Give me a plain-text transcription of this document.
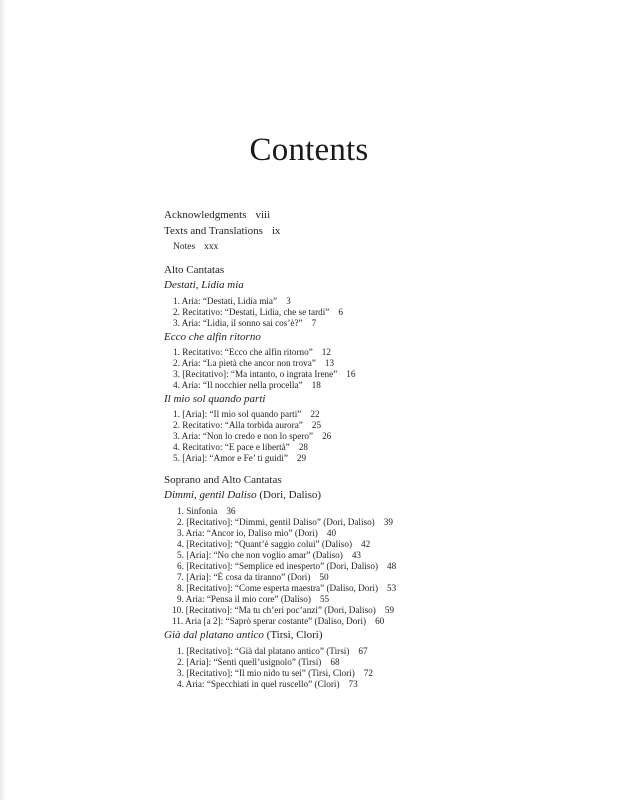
Contents
Acknowledgments viii
Texts and Translations ix
Notes xxx
Alto Cantatas
Destati, Lidia mia
1. Aria: “Destati, Lidia mia” 3
2. Recitativo: “Destati, Lidia, che se tardi” 6
3. Aria: “Lidia, il sonno sai cos’è?” 7
Ecco che alfin ritorno
1. Recitativo: “Ecco che alfin ritorno” 12
2. Aria: “La pietà che ancor non trova” 13
3. [Recitativo]: “Ma intanto, o ingrata Irene” 16
4. Aria: “Il nocchier nella procella” 18
Il mio sol quando parti
1. [Aria]: “Il mio sol quando parti” 22
2. Recitativo: “Alla torbida aurora” 25
3. Aria: “Non lo credo e non lo spero” 26
4. Recitativo: “E pace e libertà” 28
5. [Aria]: “Amor e Fe’ ti guidi” 29
Soprano and Alto Cantatas
Dimmi, gentil Daliso (Dori, Daliso)
1. Sinfonia 36
2. [Recitativo]: “Dimmi, gentil Daliso” (Dori, Daliso) 39
3. Aria: “Ancor io, Daliso mio” (Dori) 40
4. [Recitativo]: “Quant’è saggio colui” (Daliso) 42
5. [Aria]: “No che non voglio amar” (Daliso) 43
6. [Recitativo]: “Semplice ed inesperto” (Dori, Daliso) 48
7. [Aria]: “È cosa da tiranno” (Dori) 50
8. [Recitativo]: “Come esperta maestra” (Daliso, Dori) 53
9. Aria: “Pensa il mio core” (Daliso) 55
10. [Recitativo]: “Ma tu ch’eri poc’anzi” (Dori, Daliso) 59
11. Aria [a 2]: “Saprò sperar costante” (Daliso, Dori) 60
Già dal platano antico (Tirsi, Clori)
1. [Recitativo]: “Già dal platano antico” (Tirsi) 67
2. [Aria]: “Senti quell’usignolo” (Tirsi) 68
3. [Recitativo]: “Il mio nido tu sei” (Tirsi, Clori) 72
4. Aria: “Specchiati in quel ruscello” (Clori) 73
